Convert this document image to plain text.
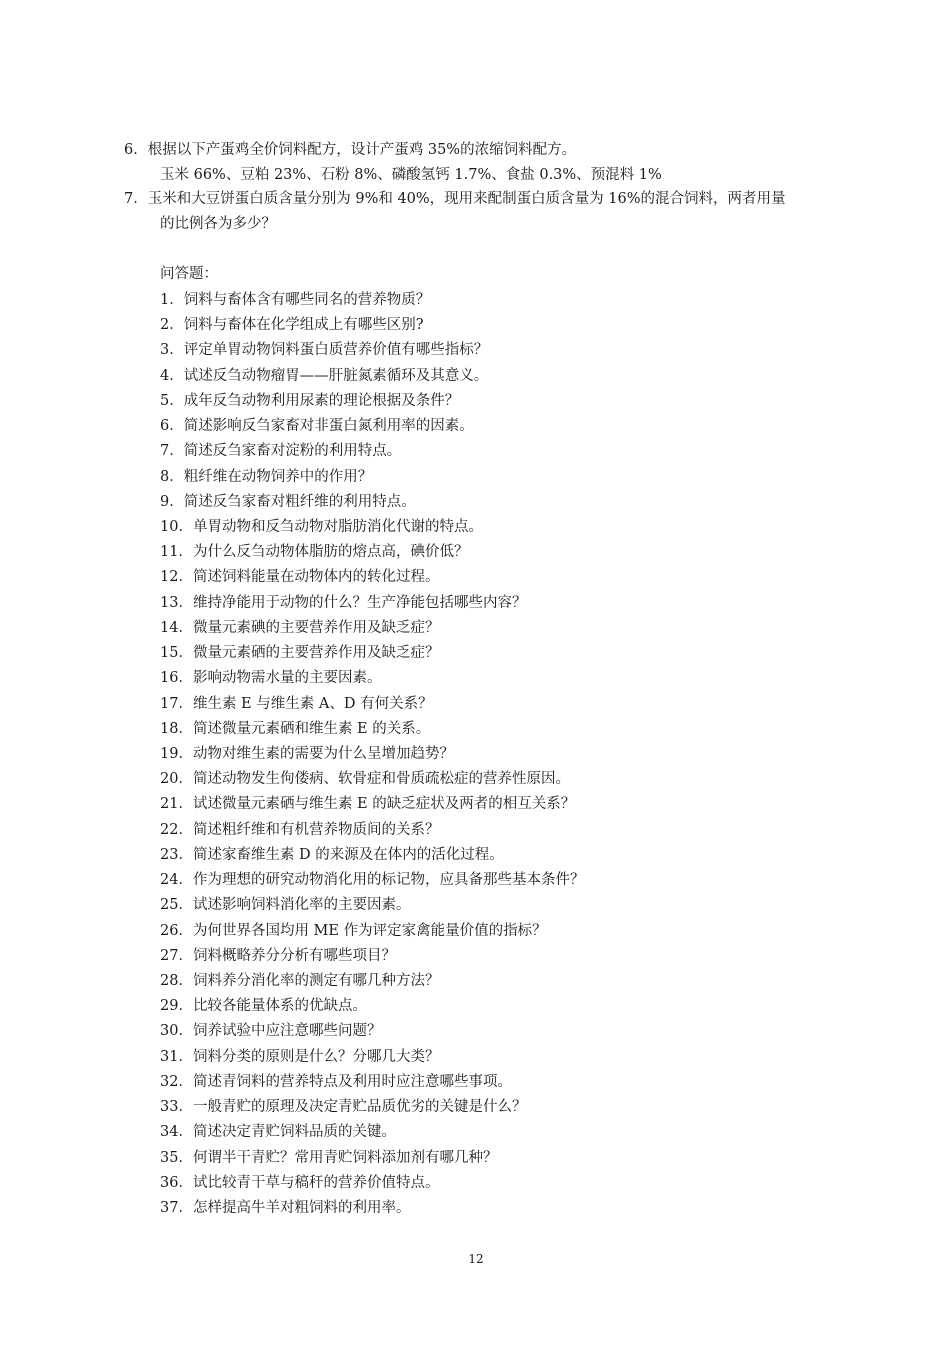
6．根据以下产蛋鸡全价饲料配方，设计产蛋鸡 35%的浓缩饲料配方。
玉米 66%、豆粕 23%、石粉 8%、磷酸氢钙 1.7%、食盐 0.3%、预混料 1%
7．玉米和大豆饼蛋白质含量分别为 9%和 40%，现用来配制蛋白质含量为 16%的混合饲料，两者用量
的比例各为多少？
问答题：
1．饲料与畜体含有哪些同名的营养物质？
2．饲料与畜体在化学组成上有哪些区别?
3．评定单胃动物饲料蛋白质营养价值有哪些指标？
4．试述反刍动物瘤胃——肝脏氮素循环及其意义。
5．成年反刍动物利用尿素的理论根据及条件？
6．简述影响反刍家畜对非蛋白氮利用率的因素。
7．简述反刍家畜对淀粉的利用特点。
8．粗纤维在动物饲养中的作用？
9．简述反刍家畜对粗纤维的利用特点。
10．单胃动物和反刍动物对脂肪消化代谢的特点。
11．为什么反刍动物体脂肪的熔点高，碘价低？
12．简述饲料能量在动物体内的转化过程。
13．维持净能用于动物的什么？生产净能包括哪些内容？
14．微量元素碘的主要营养作用及缺乏症？
15．微量元素硒的主要营养作用及缺乏症？
16．影响动物需水量的主要因素。
17．维生素 E 与维生素 A、D 有何关系？
18．简述微量元素硒和维生素 E 的关系。
19．动物对维生素的需要为什么呈增加趋势？
20．简述动物发生佝偻病、软骨症和骨质疏松症的营养性原因。
21．试述微量元素硒与维生素 E 的缺乏症状及两者的相互关系？
22．简述粗纤维和有机营养物质间的关系？
23．简述家畜维生素 D 的来源及在体内的活化过程。
24．作为理想的研究动物消化用的标记物，应具备那些基本条件？
25．试述影响饲料消化率的主要因素。
26．为何世界各国均用 ME 作为评定家禽能量价值的指标？
27．饲料概略养分分析有哪些项目？
28．饲料养分消化率的测定有哪几种方法？
29．比较各能量体系的优缺点。
30．饲养试验中应注意哪些问题？
31．饲料分类的原则是什么？分哪几大类？
32．简述青饲料的营养特点及利用时应注意哪些事项。
33．一般青贮的原理及决定青贮品质优劣的关键是什么？
34．简述决定青贮饲料品质的关键。
35．何谓半干青贮？常用青贮饲料添加剂有哪几种？
36．试比较青干草与稿秆的营养价值特点。
37．怎样提高牛羊对粗饲料的利用率。
12
